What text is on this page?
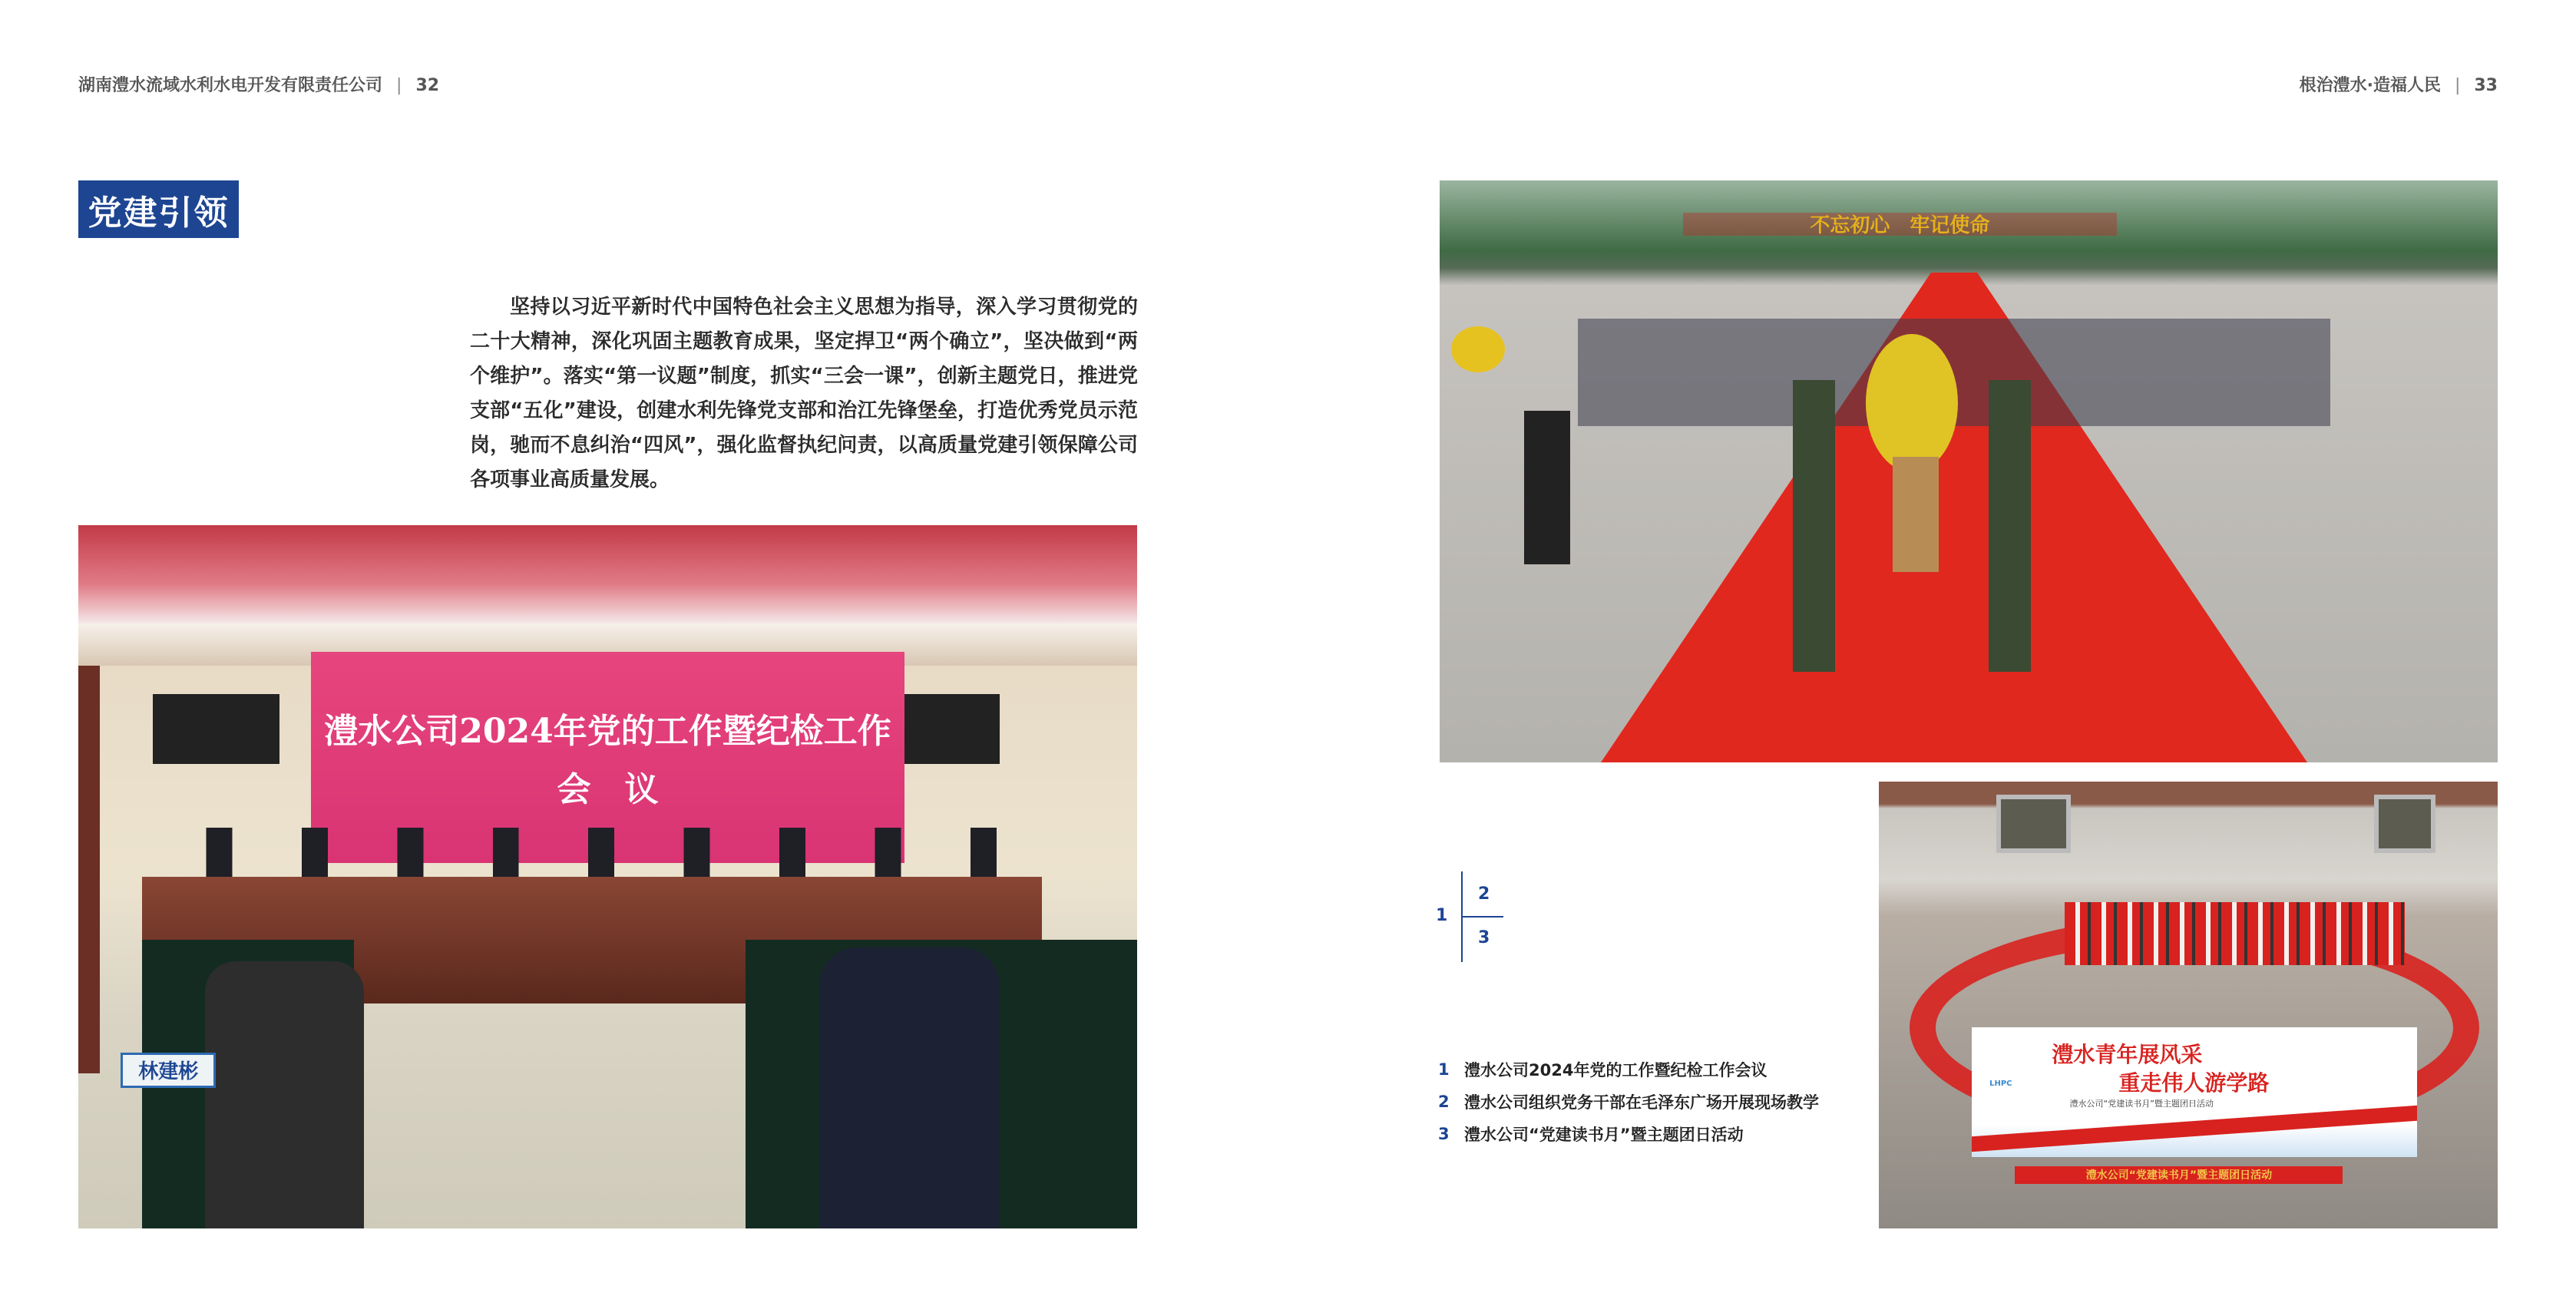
湖南澧水流域水利水电开发有限责任公司 | 32	根治澧水·造福人民 | 33
党建引领

坚持以习近平新时代中国特色社会主义思想为指导，深入学习贯彻党的二十大精神，深化巩固主题教育成果，坚定捍卫“两个确立”，坚决做到“两个维护”。落实“第一议题”制度，抓实“三会一课”，创新主题党日，推进党支部“五化”建设，创建水利先锋党支部和治江先锋堡垒，打造优秀党员示范岗，驰而不息纠治“四风”，强化监督执纪问责，以高质量党建引领保障公司各项事业高质量发展。

澧水公司2024年党的工作暨纪检工作
会　议
林建彬
不忘初心　牢记使命
1
2
3
1 澧水公司2024年党的工作暨纪检工作会议
2 澧水公司组织党务干部在毛泽东广场开展现场教学
3 澧水公司“党建读书月”暨主题团日活动
LHPC
澧水青年展风采
重走伟人游学路
澧水公司“党建读书月”暨主题团日活动
澧水公司“党建读书月”暨主题团日活动
